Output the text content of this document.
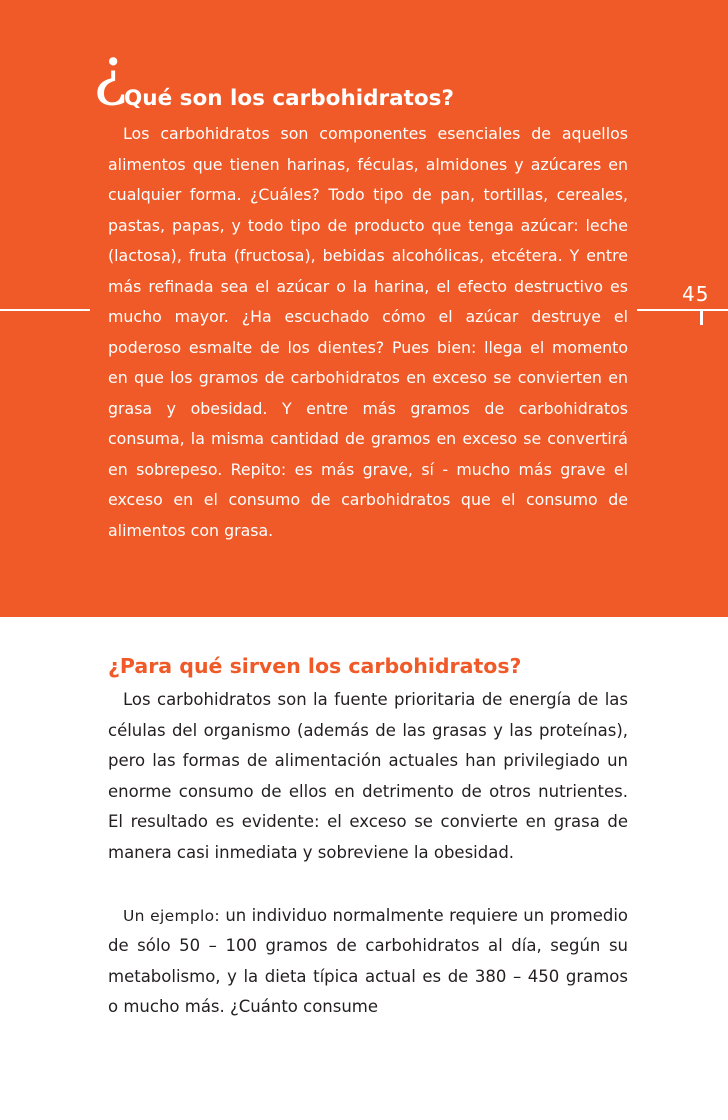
¿
Qué son los carbohidratos?
Los carbohidratos son componentes esenciales de aquellos alimentos que tienen harinas, féculas, almidones y azúcares en cualquier forma. ¿Cuáles? Todo tipo de pan, tortillas, cereales, pastas, papas, y todo tipo de producto que tenga azúcar: leche (lactosa), fruta (fructosa), bebidas alcohólicas, etcétera. Y entre más refinada sea el azúcar o la harina, el efecto destructivo es mucho mayor. ¿Ha escuchado cómo el azúcar destruye el poderoso esmalte de los dientes? Pues bien: llega el momento en que los gramos de carbohidratos en exceso se convierten en grasa y obesidad. Y entre más gramos de carbohidratos consuma, la misma cantidad de gramos en exceso se convertirá en sobrepeso. Repito: es más grave, sí - mucho más grave el exceso en el consumo de carbohidratos que el consumo de alimentos con grasa.
45
¿Para qué sirven los carbohidratos?

Los carbohidratos son la fuente prioritaria de energía de las células del organismo (además de las grasas y las proteínas), pero las formas de alimentación actuales han privilegiado un enorme consumo de ellos en detrimento de otros nutrientes. El resultado es evidente: el exceso se convierte en grasa de manera casi inmediata y sobreviene la obesidad.

Un ejemplo: un individuo normalmente requiere un promedio de sólo 50 – 100 gramos de carbohidratos al día, según su metabolismo, y la dieta típica actual es de 380 – 450 gramos o mucho más. ¿Cuánto consume
